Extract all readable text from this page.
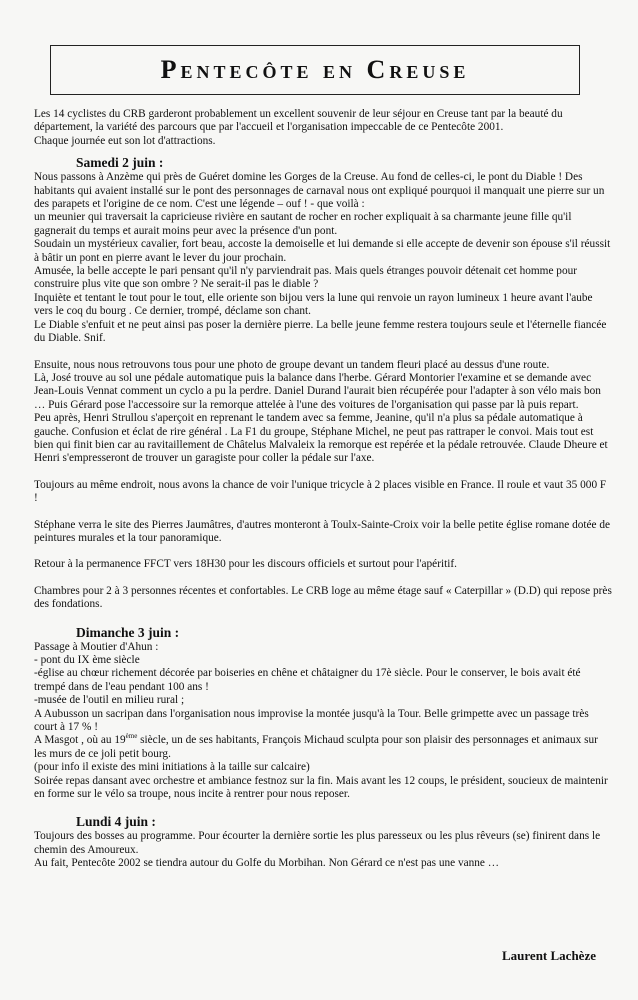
Pentecôte en Creuse

Les 14 cyclistes du CRB garderont probablement un excellent souvenir de leur séjour en Creuse tant par la beauté du département, la variété des parcours que par l'accueil et l'organisation impeccable de ce Pentecôte 2001.

Chaque journée eut son lot d'attractions.

Samedi 2 juin :

Nous passons à Anzème qui près de Guéret domine les Gorges de la Creuse. Au fond de celles-ci, le pont du Diable ! Des habitants qui avaient installé sur le pont des personnages de carnaval nous ont expliqué pourquoi il manquait une pierre sur un des parapets et l'origine de ce nom. C'est une légende – ouf ! - que voilà :

un meunier qui traversait la capricieuse rivière en sautant de rocher en rocher expliquait à sa charmante jeune fille qu'il gagnerait du temps et aurait moins peur avec la présence d'un pont.

Soudain un mystérieux cavalier, fort beau, accoste la demoiselle et lui demande si elle accepte de devenir son épouse s'il réussit à bâtir un pont en pierre avant le lever du jour prochain.

Amusée, la belle accepte le pari pensant qu'il n'y parviendrait pas. Mais quels étranges pouvoir détenait cet homme pour construire plus vite que son ombre ? Ne serait-il pas le diable ?

Inquiète et tentant le tout pour le tout, elle oriente son bijou vers la lune qui renvoie un rayon lumineux 1 heure avant l'aube vers le coq du bourg . Ce dernier, trompé, déclame son chant.

Le Diable s'enfuit et ne peut ainsi pas poser la dernière pierre. La belle jeune femme restera toujours seule et l'éternelle fiancée du Diable. Snif.

Ensuite, nous nous retrouvons tous pour une photo de groupe devant un tandem fleuri placé au dessus d'une route.

Là, José trouve au sol une pédale automatique puis la balance dans l'herbe. Gérard Montorier l'examine et se demande avec Jean-Louis Vennat comment un cyclo a pu la perdre. Daniel Durand l'aurait bien récupérée pour l'adapter à son vélo mais bon … Puis Gérard pose l'accessoire sur la remorque attelée à l'une des voitures de l'organisation qui passe par là puis repart.

Peu après, Henri Strullou s'aperçoit en reprenant le tandem avec sa femme, Jeanine, qu'il n'a plus sa pédale automatique à gauche. Confusion et éclat de rire général . La F1 du groupe, Stéphane Michel, ne peut pas rattraper le convoi. Mais tout est bien qui finit bien car au ravitaillement de Châtelus Malvaleix la remorque est repérée et la pédale retrouvée. Claude Dheure et Henri s'empresseront de trouver un garagiste pour coller la pédale sur l'axe.

Toujours au même endroit, nous avons la chance de voir l'unique tricycle à 2 places visible en France. Il roule et vaut 35 000 F !

Stéphane verra le site des Pierres Jaumâtres, d'autres monteront à Toulx-Sainte-Croix voir la belle petite église romane dotée de peintures murales et la tour panoramique.

Retour à la permanence FFCT vers 18H30 pour les discours officiels et surtout pour l'apéritif.

Chambres pour 2 à 3 personnes récentes et confortables. Le CRB loge au même étage sauf « Caterpillar » (D.D) qui repose près des fondations.

Dimanche 3 juin :

Passage à Moutier d'Ahun :

- pont du IX ème siècle

-église au chœur richement décorée par boiseries en chêne et châtaigner du 17è siècle. Pour le conserver, le bois avait été trempé dans de l'eau pendant 100 ans !

-musée de l'outil en milieu rural ;

A Aubusson un sacripan dans l'organisation nous improvise la montée jusqu'à la Tour. Belle grimpette avec un passage très court à 17 % !

A Masgot , où au 19ème siècle, un de ses habitants, François Michaud sculpta pour son plaisir des personnages et animaux sur les murs de ce joli petit bourg.

(pour info il existe des mini initiations à la taille sur calcaire)

Soirée repas dansant avec orchestre et ambiance festnoz sur la fin. Mais avant les 12 coups, le président, soucieux de maintenir en forme sur le vélo sa troupe, nous incite à rentrer pour nous reposer.

Lundi 4 juin :

Toujours des bosses au programme. Pour écourter la dernière sortie les plus paresseux ou les plus rêveurs (se) finirent dans le chemin des Amoureux.

Au fait, Pentecôte 2002 se tiendra autour du Golfe du Morbihan. Non Gérard ce n'est pas une vanne …

Laurent Lachèze
